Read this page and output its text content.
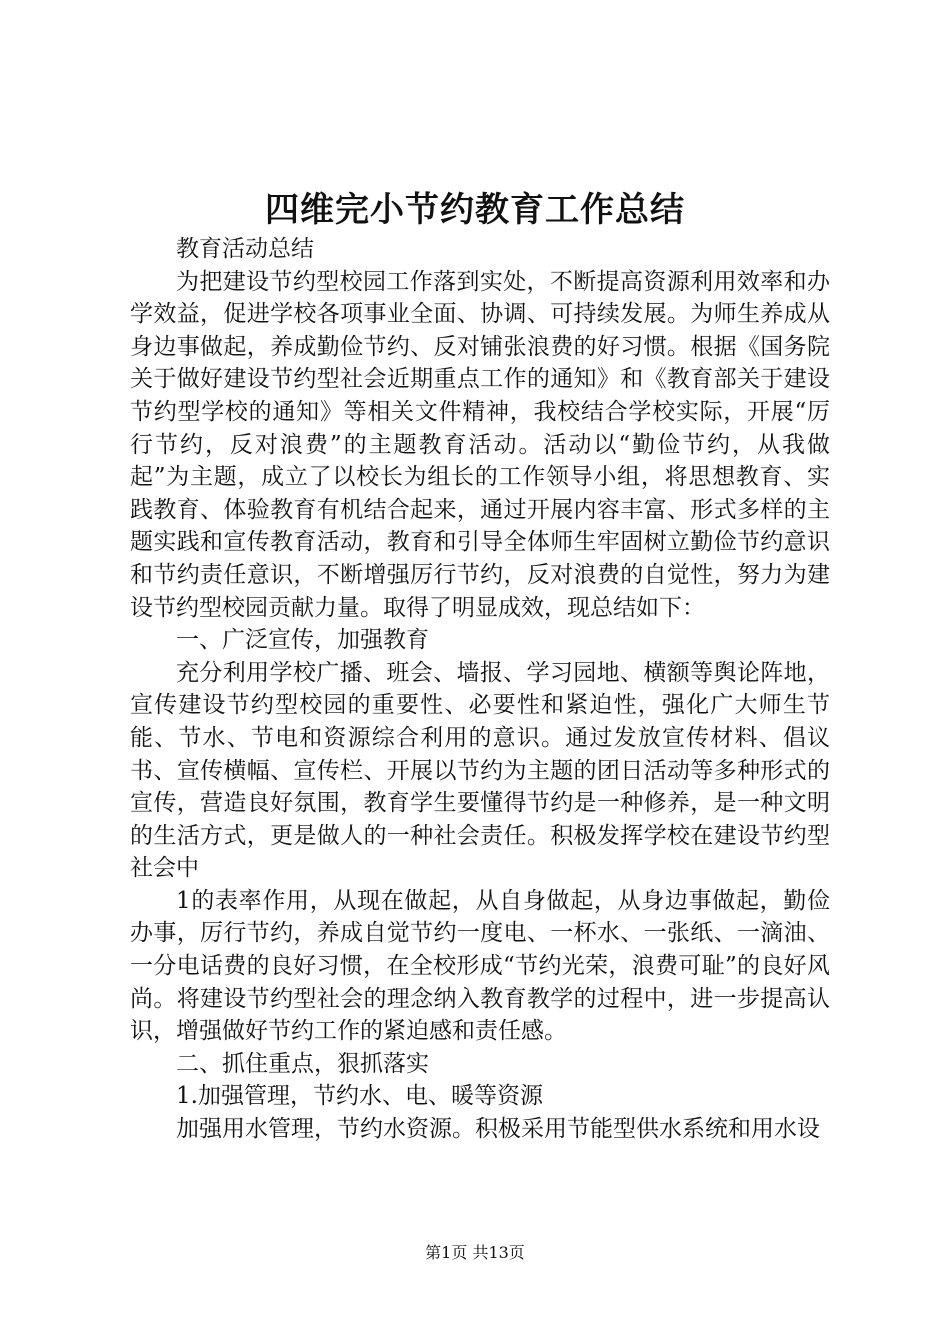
四维完小节约教育工作总结

教育活动总结

为把建设节约型校园工作落到实处，不断提高资源利用效率和办学效益，促进学校各项事业全面、协调、可持续发展。为师生养成从身边事做起，养成勤俭节约、反对铺张浪费的好习惯。根据《国务院关于做好建设节约型社会近期重点工作的通知》和《教育部关于建设节约型学校的通知》等相关文件精神，我校结合学校实际，开展“厉行节约，反对浪费”的主题教育活动。活动以“勤俭节约，从我做起”为主题，成立了以校长为组长的工作领导小组，将思想教育、实践教育、体验教育有机结合起来，通过开展内容丰富、形式多样的主题实践和宣传教育活动，教育和引导全体师生牢固树立勤俭节约意识和节约责任意识，不断增强厉行节约，反对浪费的自觉性，努力为建设节约型校园贡献力量。取得了明显成效，现总结如下：

一、广泛宣传，加强教育

充分利用学校广播、班会、墙报、学习园地、横额等舆论阵地，宣传建设节约型校园的重要性、必要性和紧迫性，强化广大师生节能、节水、节电和资源综合利用的意识。通过发放宣传材料、倡议书、宣传横幅、宣传栏、开展以节约为主题的团日活动等多种形式的宣传，营造良好氛围，教育学生要懂得节约是一种修养，是一种文明的生活方式，更是做人的一种社会责任。积极发挥学校在建设节约型社会中

1的表率作用，从现在做起，从自身做起，从身边事做起，勤俭办事，厉行节约，养成自觉节约一度电、一杯水、一张纸、一滴油、一分电话费的良好习惯，在全校形成“节约光荣，浪费可耻”的良好风尚。将建设节约型社会的理念纳入教育教学的过程中，进一步提高认识，增强做好节约工作的紧迫感和责任感。

二、抓住重点，狠抓落实

1.加强管理，节约水、电、暖等资源

加强用水管理，节约水资源。积极采用节能型供水系统和用水设

第1页 共13页
